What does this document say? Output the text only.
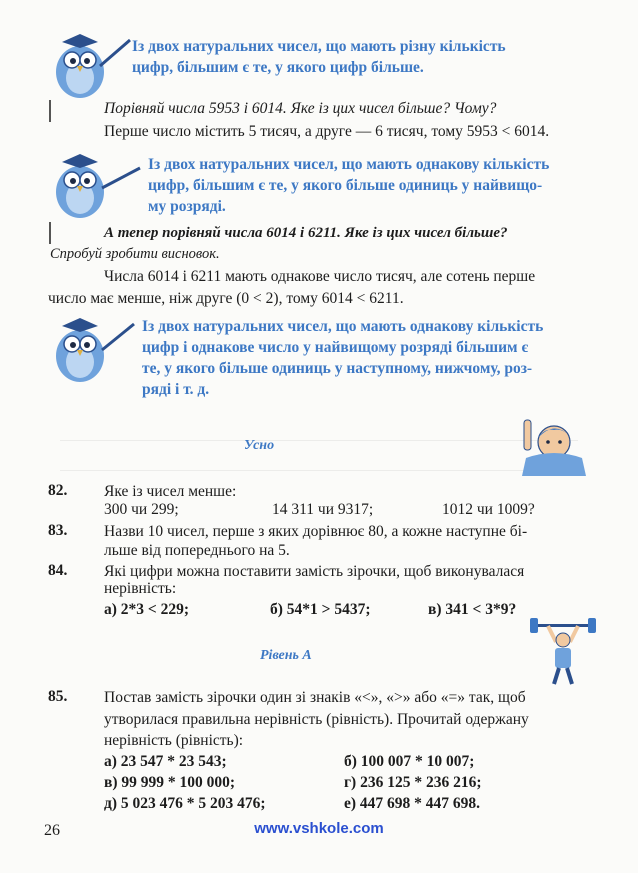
Із двох натуральних чисел, що мають різну кількість
цифр, більшим є те, у якого цифр більше.
Порівняй числа 5953 і 6014. Яке із цих чисел більше? Чому?
Перше число містить 5 тисяч, а друге — 6 тисяч, тому 5953 < 6014.
Із двох натуральних чисел, що мають однакову кількість
цифр, більшим є те, у якого більше одиниць у найвищо-
му розряді.
А тепер порівняй числа 6014 і 6211. Яке із цих чисел більше?
Спробуй зробити висновок.
Числа 6014 і 6211 мають однакове число тисяч, але сотень перше
число має менше, ніж друге (0 < 2), тому 6014 < 6211.
Із двох натуральних чисел, що мають однакову кількість
цифр і однакове число у найвищому розряді більшим є
те, у якого більше одиниць у наступному, нижчому, роз-
ряді і т. д.
Усно
82. Яке із чисел менше:
300 чи 299;	14 311 чи 9317;	1012 чи 1009?
83. Назви 10 чисел, перше з яких дорівнює 80, а кожне наступне бі-
льше від попереднього на 5.
84. Які цифри можна поставити замість зірочки, щоб виконувалася
нерівність:
а) 2*3 < 229;	б) 54*1 > 5437;	в) 341 < 3*9?
Рівень А
85. Постав замість зірочки один зі знаків «<», «>» або «=» так, щоб
утворилася правильна нерівність (рівність). Прочитай одержану
нерівність (рівність):
а) 23 547 * 23 543;	б) 100 007 * 10 007;
в) 99 999 * 100 000;	г) 236 125 * 236 216;
д) 5 023 476 * 5 203 476;	е) 447 698 * 447 698.
26	www.vshkole.com
